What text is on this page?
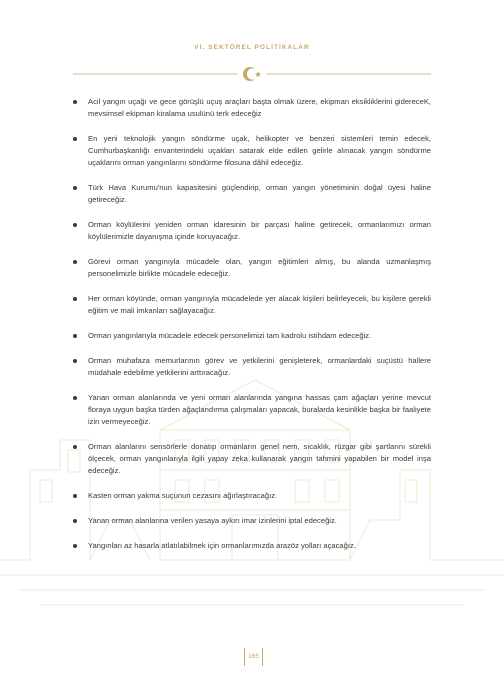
VI. SEKTÖREL POLİTİKALAR
Acil yangın uçağı ve gece görüşlü uçuş araçları başta olmak üzere, ekipman eksikliklerini gidereceK, mevsimsel ekipman kiralama usulünü terk edeceğiz
En yeni teknolojik yangın söndürme uçak, helikopter ve benzeri sistemleri temin edecek, Cumhurbaşkanlığı envanterindeki uçakları satarak elde edilen gelirle alınacak yangın söndürme uçaklarını orman yangınlarını söndürme filosuna dâhil edeceğiz.
Türk Hava Kurumu'nun kapasitesini güçlendirip, orman yangın yönetiminin doğal üyesi haline getireceğiz.
Orman köylülerini yeniden orman idaresinin bir parçası haline getirecek, ormanlarımızı orman köylülerimizle dayanışma içinde koruyacağız.
Görevi orman yangınıyla mücadele olan, yangın eğitimleri almış, bu alanda uzmanlaşmış personelimizle birlikte mücadele edeceğiz.
Her orman köyünde, orman yangınıyla mücadelede yer alacak kişileri belirleyecek, bu kişilere gerekli eğitim ve mali imkanları sağlayacağız.
Orman yangınlarıyla mücadele edecek personelimizi tam kadrolu istihdam edeceğiz.
Orman muhafaza memurlarının görev ve yetkilerini genişleterek, ormanlardaki suçüstü hallere müdahale edebilme yetkilerini arttıracağız.
Yanan orman alanlarında ve yeni orman alanlarında yangına hassas çam ağaçları yerine mevcut floraya uygun başka türden ağaçlandırma çalışmaları yapacak, buralarda kesinlikle başka bir faaliyete izin vermeyeceğiz.
Orman alanlarını sensörlerle donatıp ormanların genel nem, sıcaklık, rüzgar gibi şartlarını sürekli ölçecek, orman yangınlarıyla ilgili yapay zeka kullanarak yangın tahmini yapabilen bir model inşa edeceğiz.
Kasten orman yakma suçunun cezasını ağırlaştıracağız.
Yanan orman alanlarına verilen yasaya aykırı imar izinlerini iptal edeceğiz.
Yangınları az hasarla atlatılabilmek için ormanlarımızda arazöz yolları açacağız.
165
